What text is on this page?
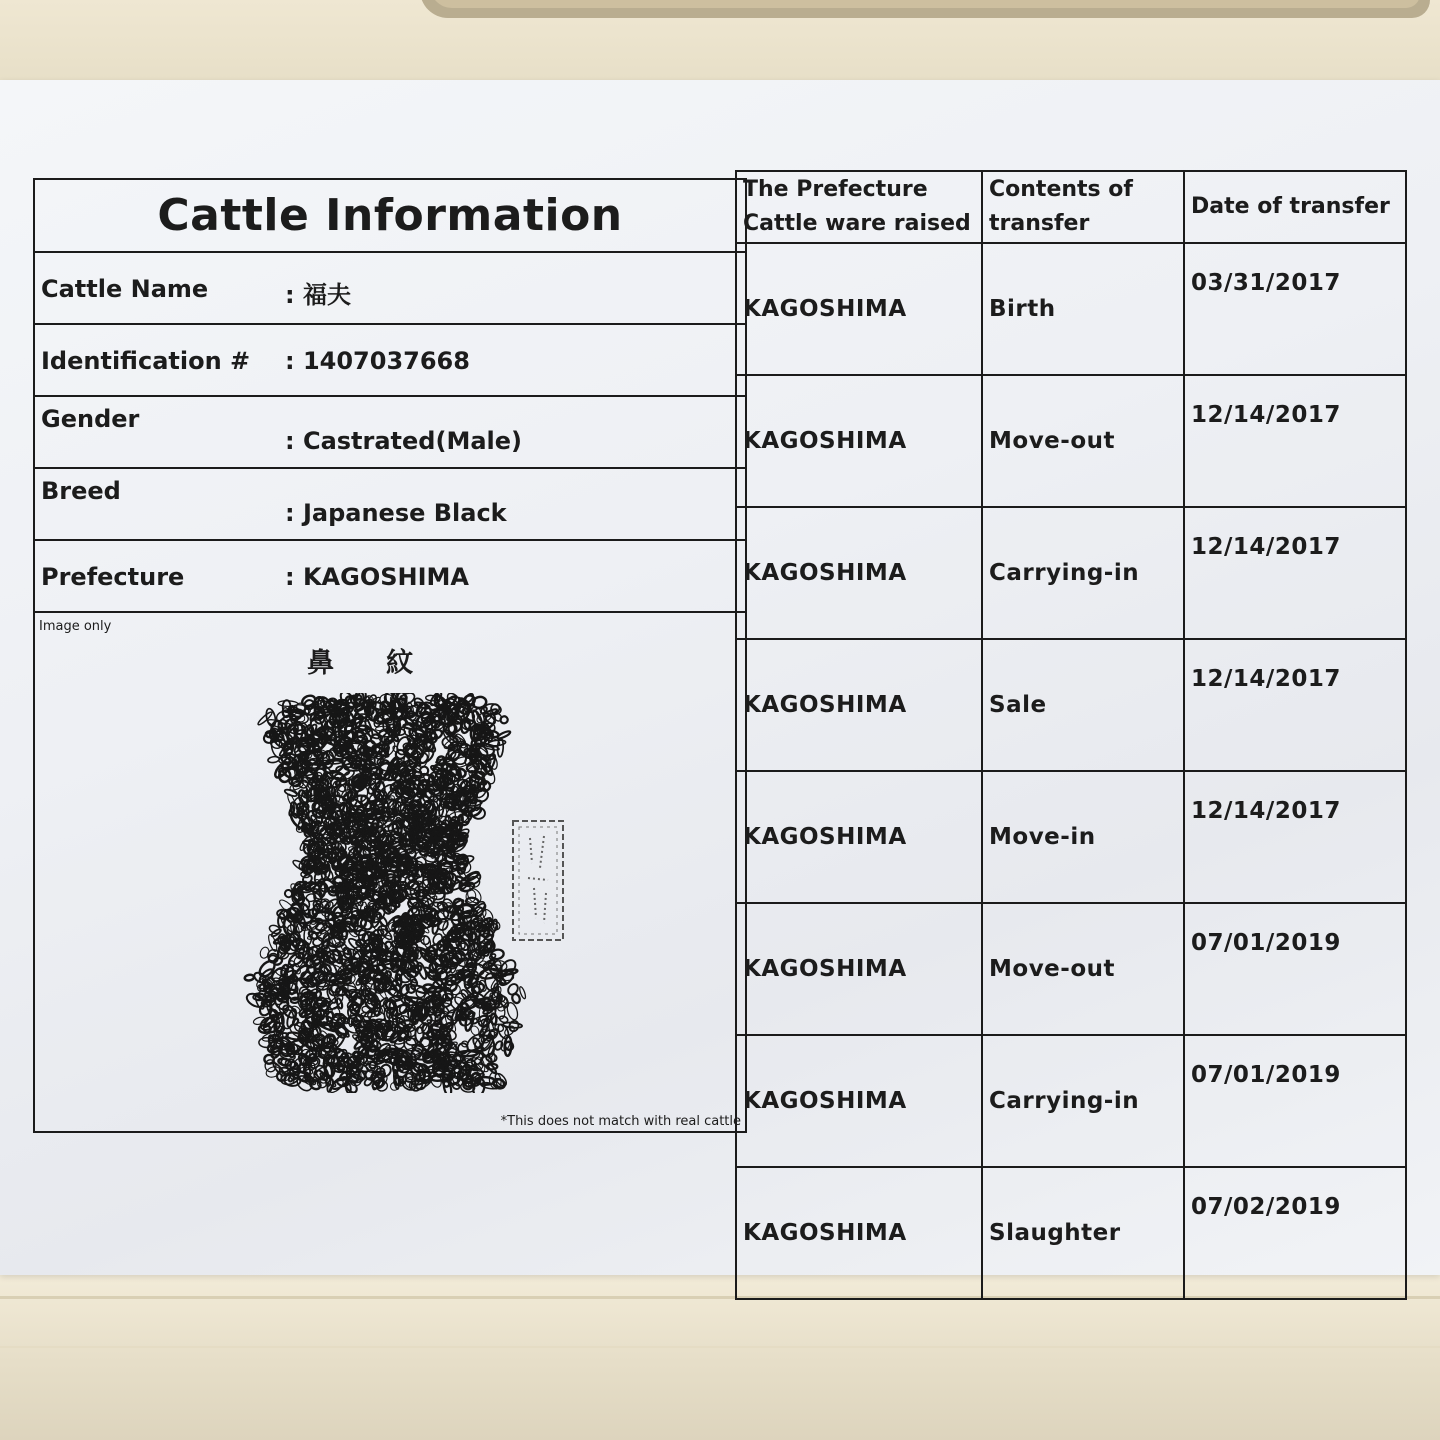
Cattle Information
Cattle Name	: 福夫
Identification # : 1407037668
Gender
: Castrated(Male)
Breed
: Japanese Black
Prefecture	: KAGOSHIMA
Image only
鼻紋
*This does not match with real cattle
The Prefecture Cattle ware raised	Contents of transfer	Date of transfer
KAGOSHIMA	Birth	03/31/2017
KAGOSHIMA	Move-out	12/14/2017
KAGOSHIMA	Carrying-in	12/14/2017
KAGOSHIMA	Sale	12/14/2017
KAGOSHIMA	Move-in	12/14/2017
KAGOSHIMA	Move-out	07/01/2019
KAGOSHIMA	Carrying-in	07/01/2019
KAGOSHIMA	Slaughter	07/02/2019
